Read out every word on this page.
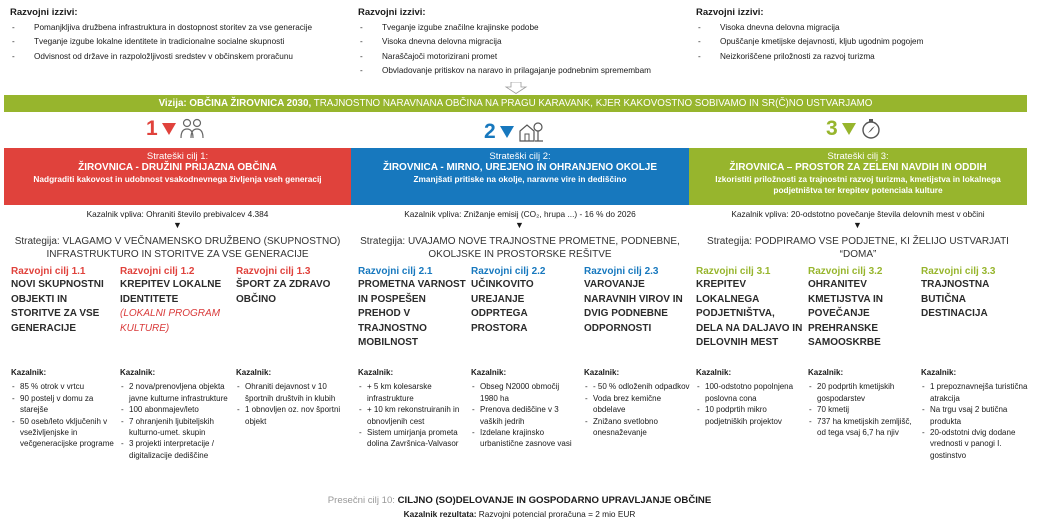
Razvojni izzivi:
- Pomanjkljiva družbena infrastruktura in dostopnost storitev za vse generacije
- Tveganje izgube lokalne identitete in tradicionalne socialne skupnosti
- Odvisnost od države in razpoložljivosti sredstev v občinskem proračunu
Razvojni izzivi:
- Tveganje izgube značilne krajinske podobe
- Visoka dnevna delovna migracija
- Naraščajoči motorizirani promet
- Obvladovanje pritiskov na naravo in prilagajanje podnebnim spremembam
Razvojni izzivi:
- Visoka dnevna delovna migracija
- Opuščanje kmetijske dejavnosti, kljub ugodnim pogojem
- Neizkoriščene priložnosti za razvoj turizma
Vizija: OBČINA ŽIROVNICA 2030, TRAJNOSTNO NARAVNANA OBČINA NA PRAGU KARAVANK, KJER KAKOVOSTNO SOBIVAMO IN SR(Č)NO USTVARJAMO
1	2	3
Strateški cilj 1:
ŽIROVNICA - DRUŽINI PRIJAZNA OBČINA
Nadgraditi kakovost in udobnost vsakodnevnega življenja vseh generacij
Strateški cilj 2:
ŽIROVNICA - MIRNO, UREJENO IN OHRANJENO OKOLJE
Zmanjšati pritiske na okolje, naravne vire in dediščino
Strateški cilj 3:
ŽIROVNICA – PROSTOR ZA ZELENI NAVDIH IN ODDIH
Izkoristiti priložnosti za trajnostni razvoj turizma, kmetijstva in lokalnega podjetništva ter krepitev potenciala kulture
Kazalnik vpliva: Ohraniti število prebivalcev 4.384	Kazalnik vpliva: Znižanje emisij (CO₂, hrupa ...) - 16 % do 2026	Kazalnik vpliva: 20-odstotno povečanje števila delovnih mest v občini
▼	▼	▼
Strategija: VLAGAMO V VEČNAMENSKO DRUŽBENO (SKUPNOSTNO) INFRASTRUKTURO IN STORITVE ZA VSE GENERACIJE
Strategija: UVAJAMO NOVE TRAJNOSTNE PROMETNE, PODNEBNE, OKOLJSKE IN PROSTORSKE REŠITVE
Strategija: PODPIRAMO VSE PODJETNE, KI ŽELIJO USTVARJATI “DOMA”
Razvojni cilj 1.1
NOVI SKUPNOSTNI OBJEKTI IN STORITVE ZA VSE GENERACIJE
Razvojni cilj 1.2
KREPITEV LOKALNE IDENTITETE
(LOKALNI PROGRAM KULTURE)
Razvojni cilj 1.3
ŠPORT ZA ZDRAVO OBČINO
Razvojni cilj 2.1
PROMETNA VARNOST IN POSPEŠEN PREHOD V TRAJNOSTNO MOBILNOST
Razvojni cilj 2.2
UČINKOVITO UREJANJE ODPRTEGA PROSTORA
Razvojni cilj 2.3
VAROVANJE NARAVNIH VIROV IN DVIG PODNEBNE ODPORNOSTI
Razvojni cilj 3.1
KREPITEV LOKALNEGA PODJETNIŠTVA, DELA NA DALJAVO IN DELOVNIH MEST
Razvojni cilj 3.2
OHRANITEV KMETIJSTVA IN POVEČANJE PREHRANSKE SAMOOSKRBE
Razvojni cilj 3.3
TRAJNOSTNA BUTIČNA DESTINACIJA
Kazalnik:
- 85 % otrok v vrtcu
- 90 postelj v domu za starejše
- 50 oseb/leto vključenih v vseživljenjske in večgeneracijske programe
Kazalnik:
- 2 nova/prenovljena objekta javne kulturne infrastrukture
- 100 abonmajev/leto
- 7 ohranjenih ljubiteljskih kulturno-umet. skupin
- 3 projekti interpretacije / digitalizacije dediščine
Kazalnik:
- Ohraniti dejavnost v 10 športnih društvih in klubih
- 1 obnovljen oz. nov športni objekt
Kazalnik:
- + 5 km kolesarske infrastrukture
- + 10 km rekonstruiranih in obnovljenih cest
- Sistem umirjanja prometa dolina Završnica-Valvasor
Kazalnik:
- Obseg N2000 območij 1980 ha
- Prenova dediščine v 3 vaških jedrih
- Izdelane krajinsko urbanistične zasnove vasi
Kazalnik:
- - 50 % odloženih odpadkov
- Voda brez kemične obdelave
- Znižano svetlobno onesnaževanje
Kazalnik:
- 100-odstotno popolnjena poslovna cona
- 10 podprtih mikro podjetniških projektov
Kazalnik:
- 20 podprtih kmetijskih gospodarstev
- 70 kmetij
- 737 ha kmetijskih zemljišč, od tega vsaj 6,7 ha njiv
Kazalnik:
- 1 prepoznavnejša turistična atrakcija
- Na trgu vsaj 2 butična produkta
- 20-odstotni dvig dodane vrednosti v panogi I. gostinstvo
Presečni cilj 10: CILJNO (SO)DELOVANJE IN GOSPODARNO UPRAVLJANJE OBČINE
Kazalnik rezultata: Razvojni potencial proračuna = 2 mio EUR
